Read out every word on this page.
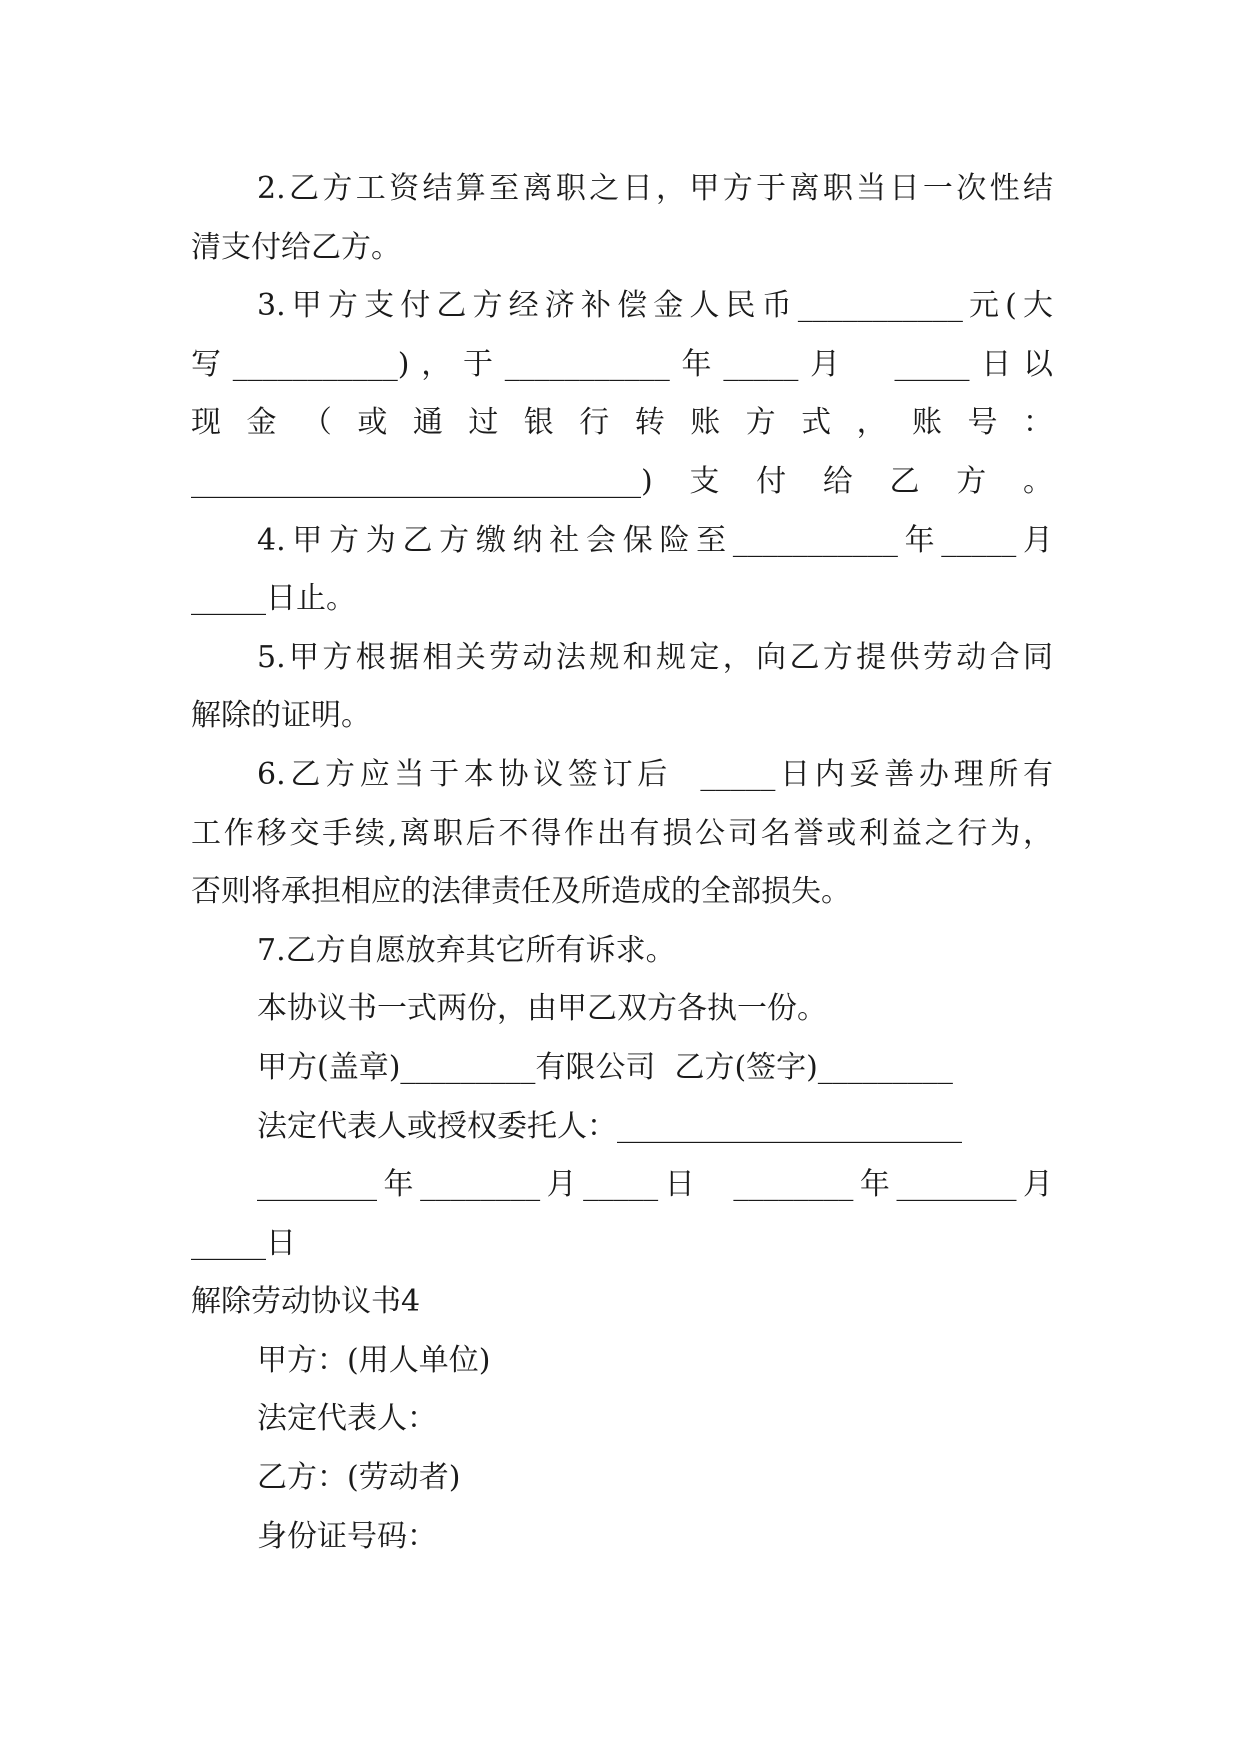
2.乙方工资结算至离职之日，甲方于离职当日一次性结
清支付给乙方。
3.甲方支付乙方经济补偿金人民币___________元(大
写___________)，于___________年_____月  _____日以
现 金 （ 或 通 过 银 行 转 账 方 式 ， 账 号 ：
______________________________)支付给乙方。
4.甲方为乙方缴纳社会保险至___________年_____月
_____日止。
5.甲方根据相关劳动法规和规定，向乙方提供劳动合同
解除的证明。
6.乙方应当于本协议签订后  _____日内妥善办理所有
工作移交手续,离职后不得作出有损公司名誉或利益之行为，
否则将承担相应的法律责任及所造成的全部损失。
7.乙方自愿放弃其它所有诉求。
本协议书一式两份，由甲乙双方各执一份。
甲方(盖章)_________有限公司  乙方(签字)_________
法定代表人或授权委托人：_______________________
________年________月_____日  ________年________月
_____日
解除劳动协议书4
甲方：(用人单位)
法定代表人：
乙方：(劳动者)
身份证号码：
